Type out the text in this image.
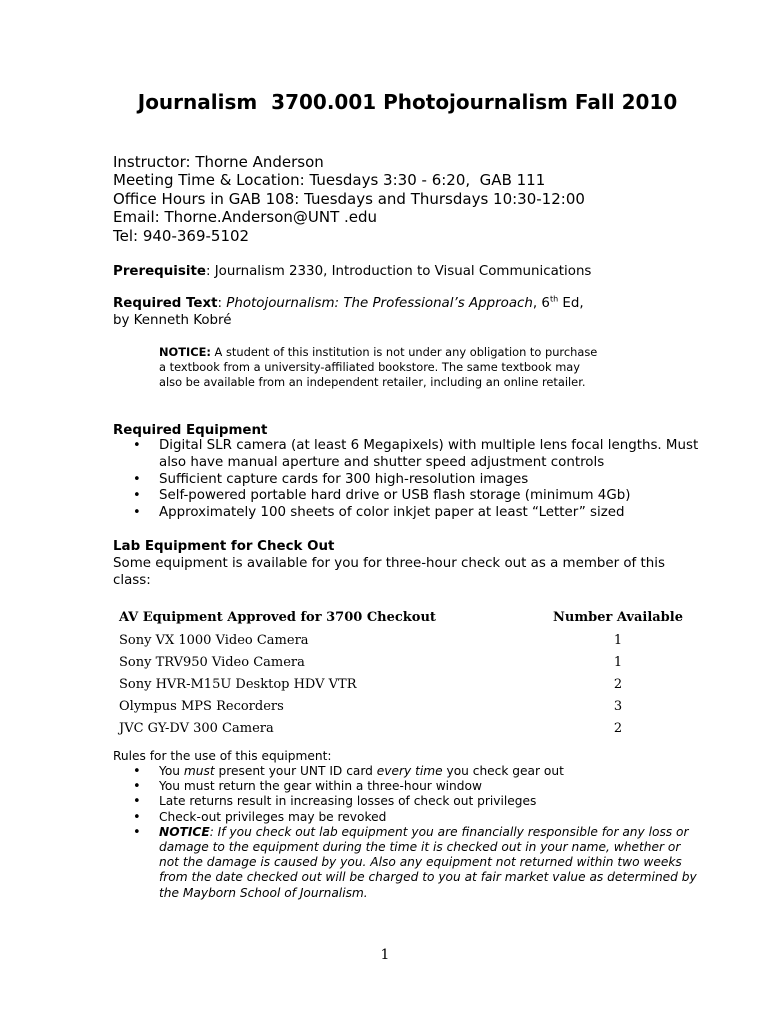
Journalism  3700.001 Photojournalism Fall 2010
Instructor: Thorne Anderson
Meeting Time & Location: Tuesdays 3:30 - 6:20,  GAB 111
Office Hours in GAB 108: Tuesdays and Thursdays 10:30-12:00
Email: Thorne.Anderson@UNT .edu
Tel: 940-369-5102
Prerequisite: Journalism 2330, Introduction to Visual Communications
Required Text: Photojournalism: The Professional’s Approach, 6th Ed,
by Kenneth Kobré
NOTICE: A student of this institution is not under any obligation to purchase a textbook from a university-affiliated bookstore. The same textbook may also be available from an independent retailer, including an online retailer.
Required Equipment
• Digital SLR camera (at least 6 Megapixels) with multiple lens focal lengths. Must also have manual aperture and shutter speed adjustment controls
• Sufficient capture cards for 300 high-resolution images
• Self-powered portable hard drive or USB flash storage (minimum 4Gb)
• Approximately 100 sheets of color inkjet paper at least “Letter” sized
Lab Equipment for Check Out
Some equipment is available for you for three-hour check out as a member of this class:
AV Equipment Approved for 3700 Checkout	Number Available
Sony VX 1000 Video Camera	1
Sony TRV950 Video Camera	1
Sony HVR-M15U Desktop HDV VTR	2
Olympus MPS Recorders	3
JVC GY-DV 300 Camera	2
Rules for the use of this equipment:
• You must present your UNT ID card every time you check gear out
• You must return the gear within a three-hour window
• Late returns result in increasing losses of check out privileges
• Check-out privileges may be revoked
• NOTICE: If you check out lab equipment you are financially responsible for any loss or damage to the equipment during the time it is checked out in your name, whether or not the damage is caused by you. Also any equipment not returned within two weeks from the date checked out will be charged to you at fair market value as determined by the Mayborn School of Journalism.
1
